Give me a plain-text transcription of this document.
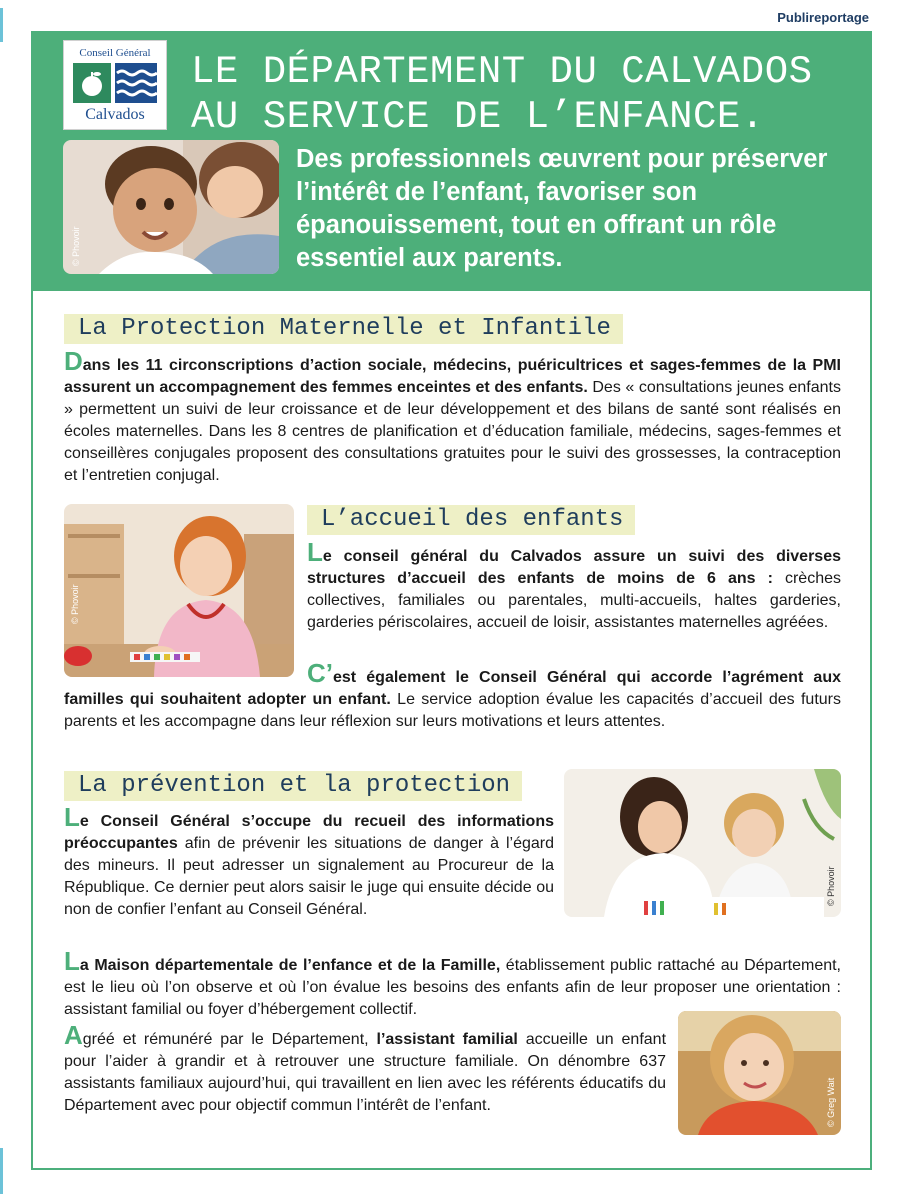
Publireportage
Conseil Général
Calvados
LE DÉPARTEMENT DU CALVADOS
AU SERVICE DE L’ENFANCE.
© Phovoir
Des professionnels œuvrent pour préserver l’intérêt de l’enfant, favoriser son épanouissement, tout en offrant un rôle essentiel aux parents.
La Protection Maternelle et Infantile
Dans les 11 circonscriptions d’action sociale, médecins, puéricultrices et sages-femmes de la PMI assurent un accompagnement des femmes enceintes et des enfants. Des « consultations jeunes enfants » permettent un suivi de leur croissance et de leur développement et des bilans de santé sont réalisés en écoles maternelles. Dans les 8 centres de planification et d’éducation familiale, médecins, sages-femmes et conseillères conjugales proposent des consultations gratuites pour le suivi des grossesses, la contraception et l’entretien conjugal.
© Phovoir
L’accueil des enfants
Le conseil général du Calvados assure un suivi des diverses structures d’accueil des enfants de moins de 6 ans : crèches collectives, familiales ou parentales, multi-accueils, haltes garderies, garderies périscolaires, accueil de loisir, assistantes maternelles agréées.
C’est également le Conseil Général qui accorde l’agrément aux familles qui souhaitent adopter un enfant. Le service adoption évalue les capacités d’accueil des futurs parents et les accompagne dans leur réflexion sur leurs motivations et leurs attentes.
La prévention et la protection
© Phovoir
Le Conseil Général s’occupe du recueil des informations préoccupantes afin de prévenir les situations de danger à l’égard des mineurs. Il peut adresser un signalement au Procureur de la République. Ce dernier peut alors saisir le juge qui ensuite décide ou non de confier l’enfant au Conseil Général.
La Maison départementale de l’enfance et de la Famille, établissement public rattaché au Département, est le lieu où l’on observe et où l’on évalue les besoins des enfants afin de leur proposer une orientation : assistant familial ou foyer d’hébergement collectif.
© Greg Wait
Agréé et rémunéré par le Département, l’assistant familial accueille un enfant pour l’aider à grandir et à retrouver une structure familiale. On dénombre 637 assistants familiaux aujourd’hui, qui travaillent en lien avec les référents éducatifs du Département avec pour objectif commun l’intérêt de l’enfant.
